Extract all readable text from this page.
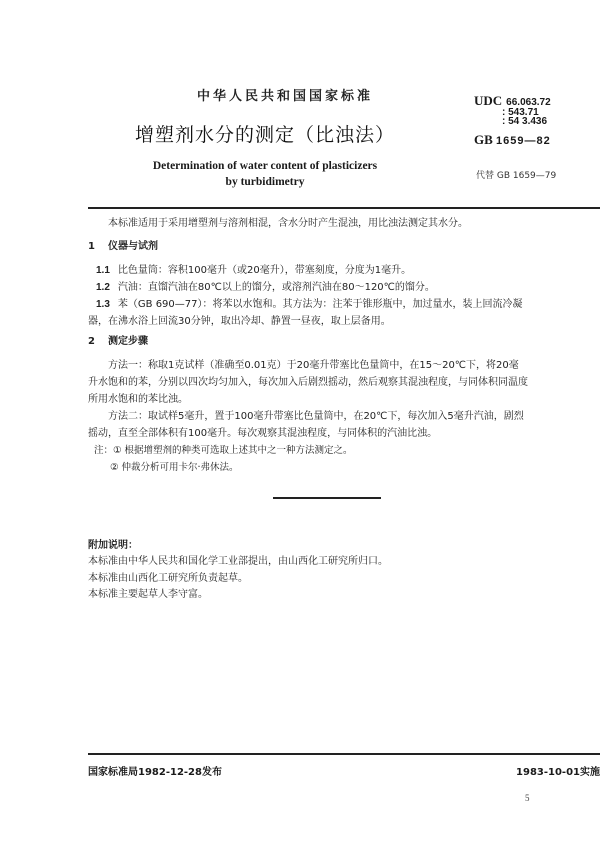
中华人民共和国国家标准	UDC 66.063.72
: 543.71
: 54 3.436
GB 1659—82
增塑剂水分的测定（比浊法）
Determination of water content of plasticizers
by turbidimetry	代替 GB 1659—79
本标准适用于采用增塑剂与溶剂相混，含水分时产生混浊，用比浊法测定其水分。
1 仪器与试剂
1.1 比色量筒：容积100毫升（或20毫升），带塞刻度，分度为1毫升。
1.2 汽油：直馏汽油在80℃以上的馏分，或溶剂汽油在80～120℃的馏分。
1.3 苯（GB 690—77）：将苯以水饱和。其方法为：注苯于锥形瓶中，加过量水，装上回流冷凝器，在沸水浴上回流30分钟，取出冷却、静置一昼夜，取上层备用。
2 测定步骤
方法一：称取1克试样（准确至0.01克）于20毫升带塞比色量筒中，在15～20℃下，将20毫升水饱和的苯，分别以四次均匀加入，每次加入后剧烈摇动，然后观察其混浊程度，与同体积同温度所用水饱和的苯比浊。
方法二：取试样5毫升，置于100毫升带塞比色量筒中，在20℃下，每次加入5毫升汽油，剧烈摇动，直至全部体积有100毫升。每次观察其混浊程度，与同体积的汽油比浊。
注：① 根据增塑剂的种类可选取上述其中之一种方法测定之。
② 仲裁分析可用卡尔·弗休法。
附加说明：
本标准由中华人民共和国化学工业部提出，由山西化工研究所归口。
本标准由山西化工研究所负责起草。
本标准主要起草人李守富。
国家标准局1982-12-28发布	1983-10-01实施
5
